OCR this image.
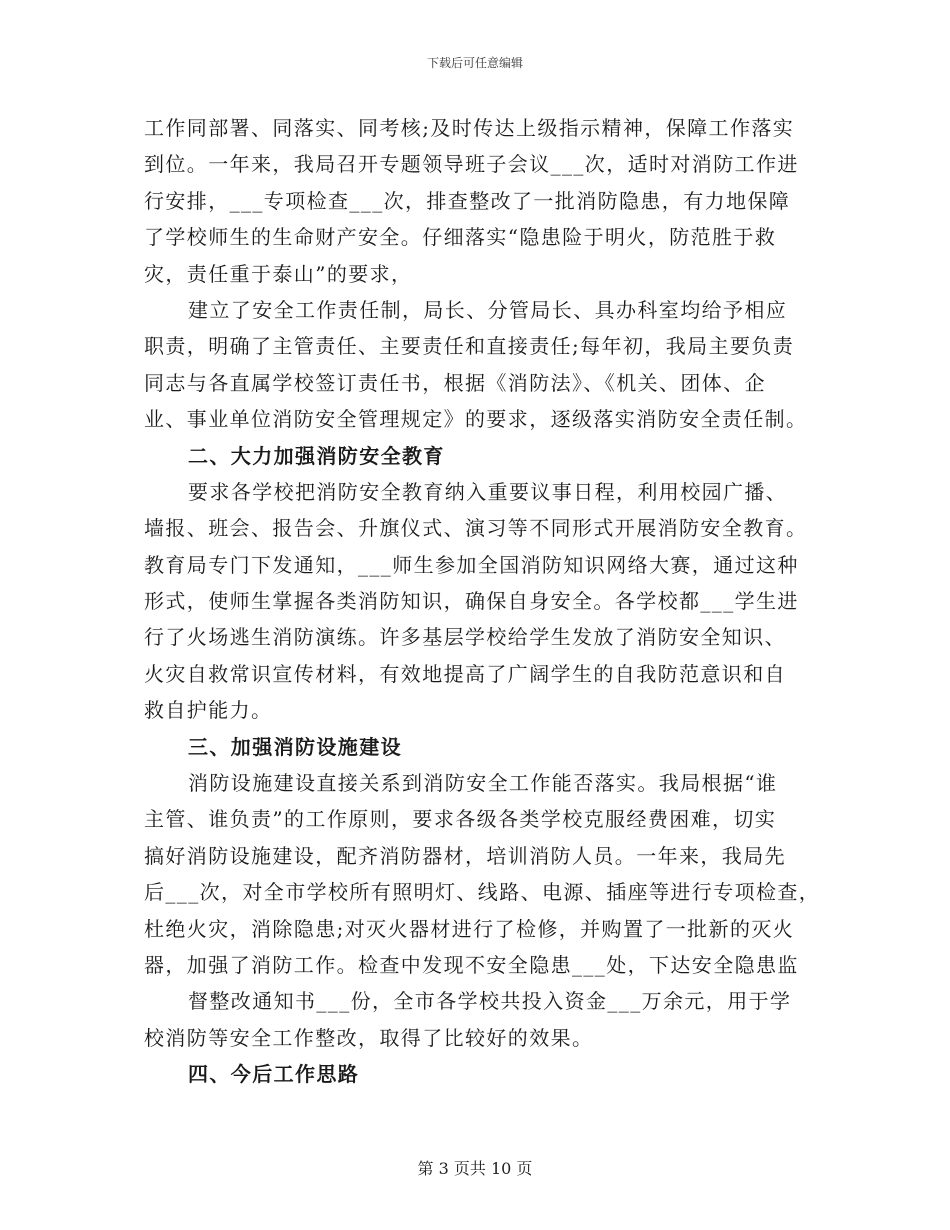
下载后可任意编辑
工作同部署、同落实、同考核;及时传达上级指示精神，保障工作落实
到位。一年来，我局召开专题领导班子会议___次，适时对消防工作进
行安排，___专项检查___次，排查整改了一批消防隐患，有力地保障
了学校师生的生命财产安全。仔细落实“隐患险于明火，防范胜于救
灾，责任重于泰山”的要求，
建立了安全工作责任制，局长、分管局长、具办科室均给予相应
职责，明确了主管责任、主要责任和直接责任;每年初，我局主要负责
同志与各直属学校签订责任书，根据《消防法》、《机关、团体、企
业、事业单位消防安全管理规定》的要求，逐级落实消防安全责任制。
二、大力加强消防安全教育
要求各学校把消防安全教育纳入重要议事日程，利用校园广播、
墙报、班会、报告会、升旗仪式、演习等不同形式开展消防安全教育。
教育局专门下发通知，___师生参加全国消防知识网络大赛，通过这种
形式，使师生掌握各类消防知识，确保自身安全。各学校都___学生进
行了火场逃生消防演练。许多基层学校给学生发放了消防安全知识、
火灾自救常识宣传材料，有效地提高了广阔学生的自我防范意识和自
救自护能力。
三、加强消防设施建设
消防设施建设直接关系到消防安全工作能否落实。我局根据“谁
主管、谁负责”的工作原则，要求各级各类学校克服经费困难，切实
搞好消防设施建设，配齐消防器材，培训消防人员。一年来，我局先
后___次，对全市学校所有照明灯、线路、电源、插座等进行专项检查，
杜绝火灾，消除隐患;对灭火器材进行了检修，并购置了一批新的灭火
器，加强了消防工作。检查中发现不安全隐患___处，下达安全隐患监
督整改通知书___份，全市各学校共投入资金___万余元，用于学
校消防等安全工作整改，取得了比较好的效果。
四、今后工作思路
第 3 页共 10 页
